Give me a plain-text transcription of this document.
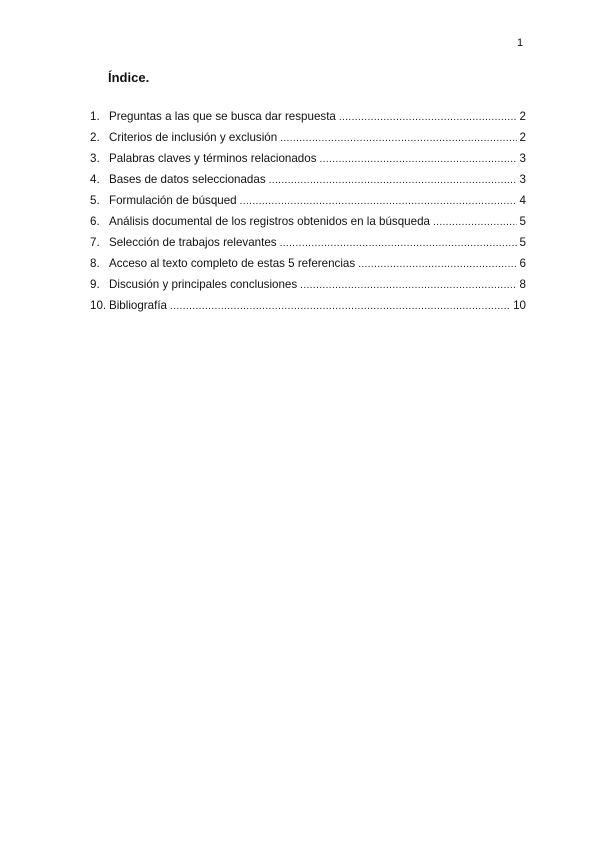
1
Índice.
1. Preguntas a las que se busca dar respuesta .....	2
2. Criterios de inclusión y exclusión .....	2
3. Palabras claves y términos relacionados .....	3
4. Bases de datos seleccionadas .....	3
5. Formulación de búsqued .....	4
6. Análisis documental de los registros obtenidos en la búsqueda .....	5
7. Selección de trabajos relevantes .....	5
8. Acceso al texto completo de estas 5 referencias .....	6
9. Discusión y principales conclusiones .....	8
10. Bibliografía .....	10
